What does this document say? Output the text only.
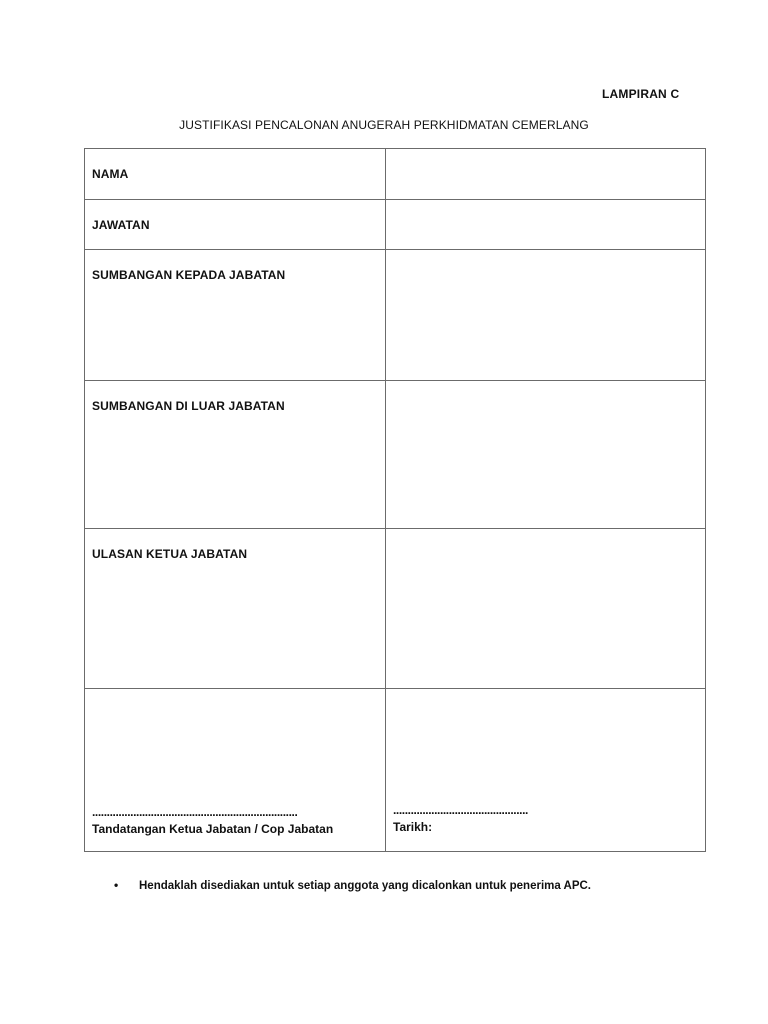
LAMPIRAN C
JUSTIFIKASI PENCALONAN ANUGERAH PERKHIDMATAN CEMERLANG
NAMA
JAWATAN
SUMBANGAN KEPADA JABATAN
SUMBANGAN DI LUAR JABATAN
ULASAN KETUA JABATAN
......................................................................
Tandatangan Ketua Jabatan / Cop Jabatan
..............................................
Tarikh:
• Hendaklah disediakan untuk setiap anggota yang dicalonkan untuk penerima APC.
